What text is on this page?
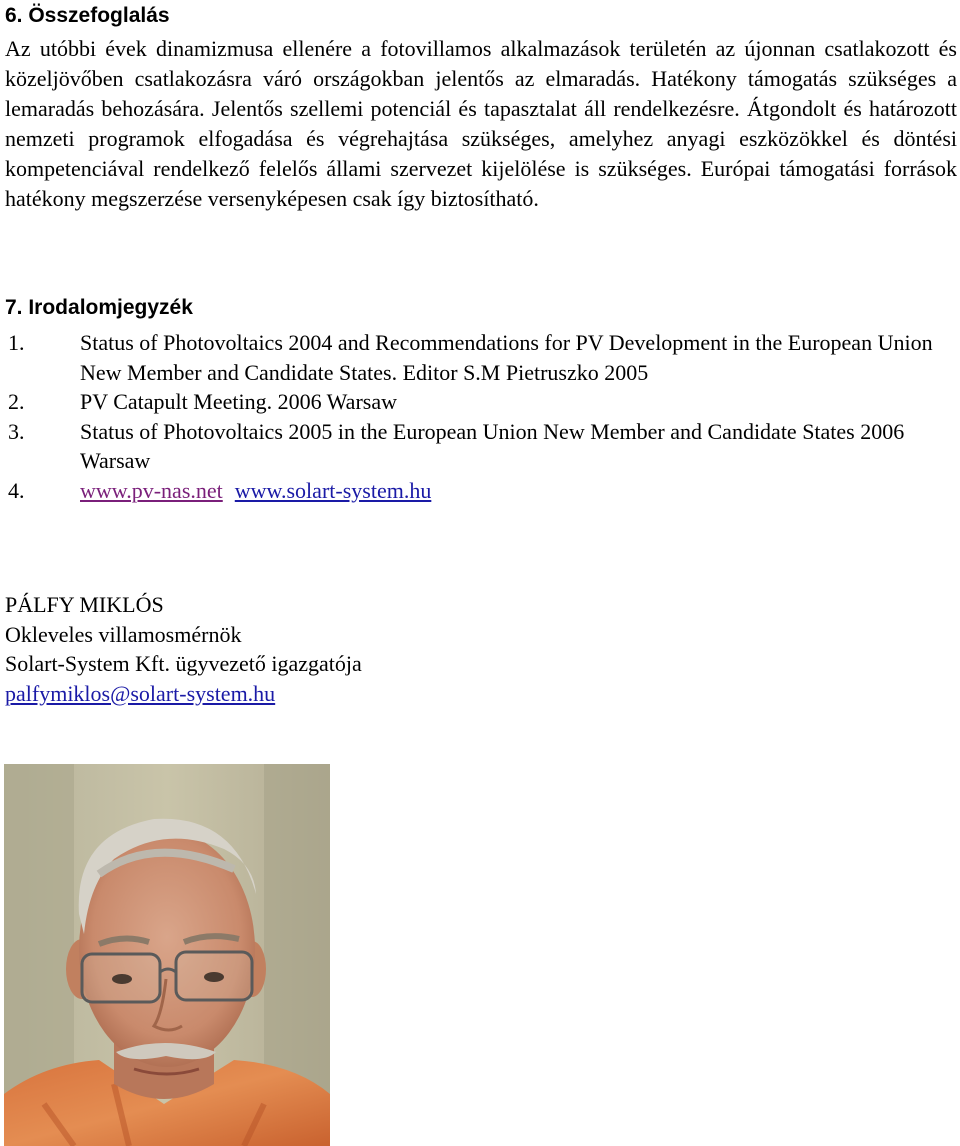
6. Összefoglalás

Az utóbbi évek dinamizmusa ellenére a fotovillamos alkalmazások területén az újonnan csatlakozott és közeljövőben csatlakozásra váró országokban jelentős az elmaradás. Hatékony támogatás szükséges a lemaradás behozására. Jelentős szellemi potenciál és tapasztalat áll rendelkezésre. Átgondolt és határozott nemzeti programok elfogadása és végrehajtása szükséges, amelyhez anyagi eszközökkel és döntési kompetenciával rendelkező felelős állami szervezet kijelölése is szükséges. Európai támogatási források hatékony megszerzése versenyképesen csak így biztosítható.

7. Irodalomjegyzék
1.	Status of Photovoltaics 2004 and Recommendations for PV Development in the European Union New Member and Candidate States. Editor S.M Pietruszko 2005
2.	PV Catapult Meeting. 2006 Warsaw
3.	Status of Photovoltaics 2005 in the European Union New Member and Candidate States 2006 Warsaw
4.	www.pv-nas.net www.solart-system.hu
PÁLFY MIKLÓS
Okleveles villamosmérnök
Solart-System Kft. ügyvezető igazgatója
palfymiklos@solart-system.hu
